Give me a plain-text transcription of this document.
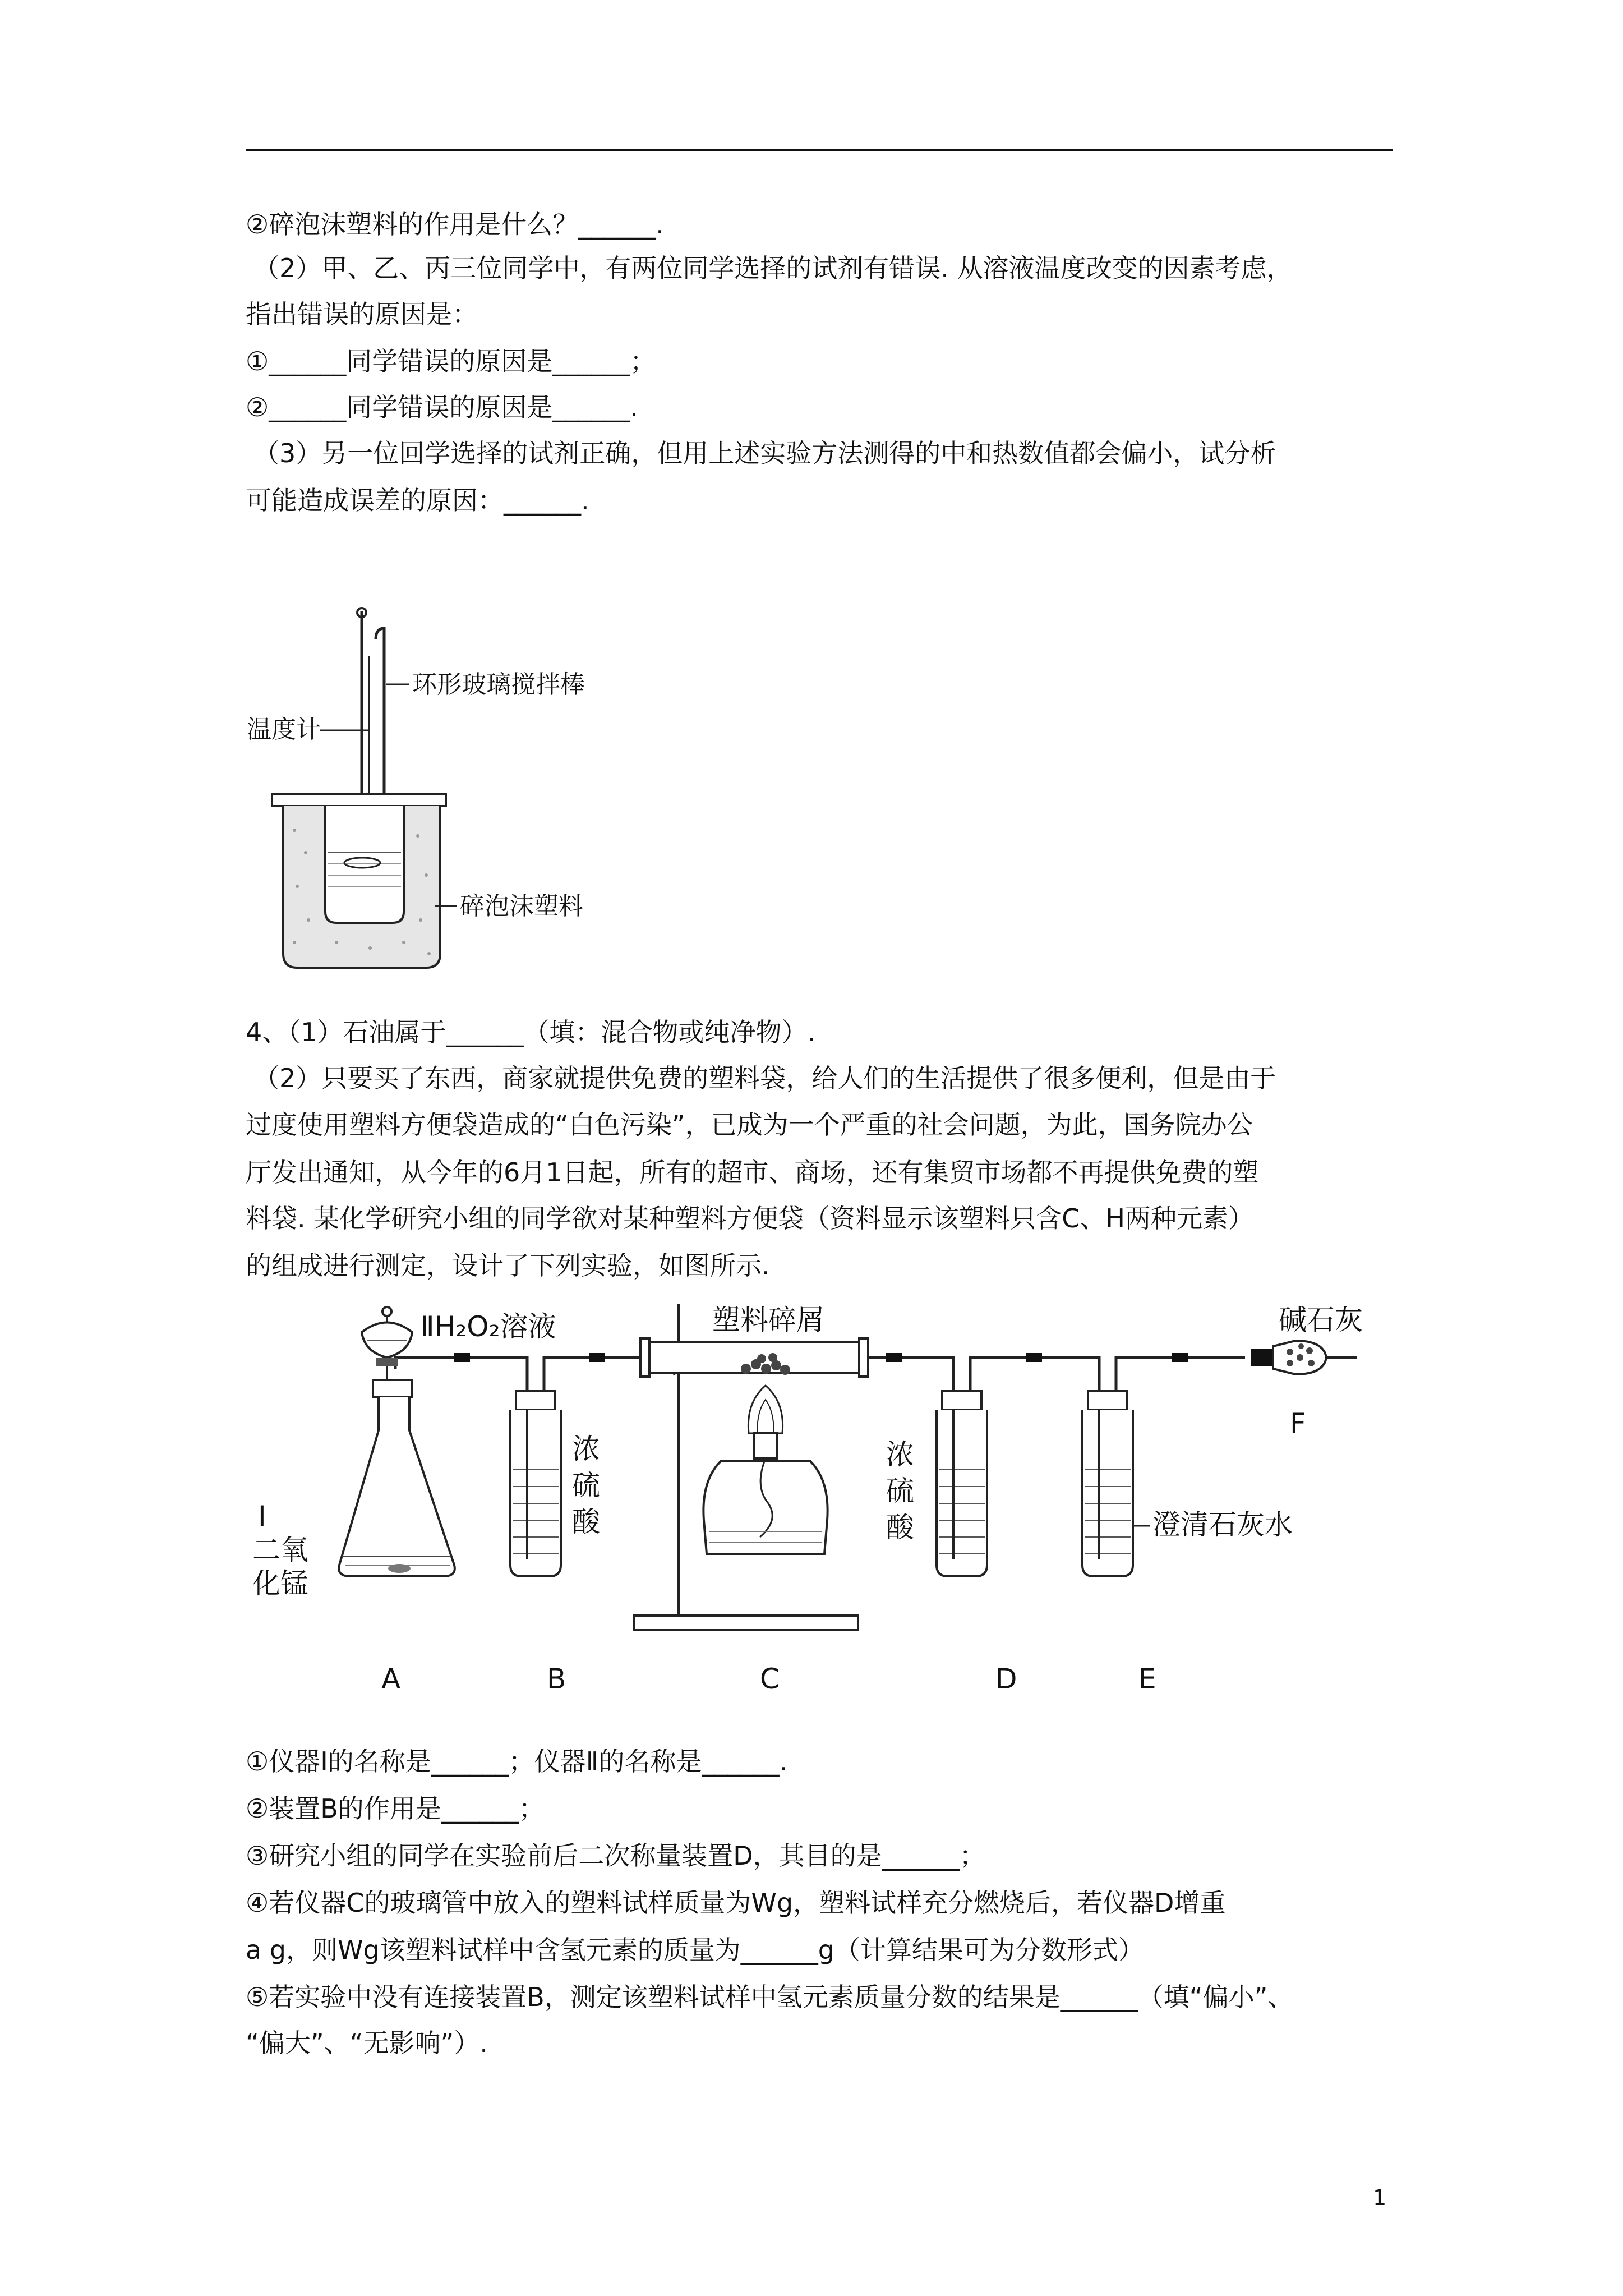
②碎泡沫塑料的作用是什么？______.
（2）甲、乙、丙三位同学中，有两位同学选择的试剂有错误. 从溶液温度改变的因素考虑，
指出错误的原因是：
①______同学错误的原因是______；
②______同学错误的原因是______.
（3）另一位回学选择的试剂正确，但用上述实验方法测得的中和热数值都会偏小，试分析
可能造成误差的原因：______.
环形玻璃搅拌棒
温度计
碎泡沫塑料
4、（1）石油属于______（填：混合物或纯净物）.
（2）只要买了东西，商家就提供免费的塑料袋，给人们的生活提供了很多便利，但是由于
过度使用塑料方便袋造成的“白色污染”，已成为一个严重的社会问题，为此，国务院办公
厅发出通知，从今年的6月1日起，所有的超市、商场，还有集贸市场都不再提供免费的塑
料袋. 某化学研究小组的同学欲对某种塑料方便袋（资料显示该塑料只含C、H两种元素）
的组成进行测定，设计了下列实验，如图所示.
ⅡH₂O₂溶液
Ⅰ
二氧
化锰
浓
硫
酸
塑料碎屑
浓
硫
酸	澄清石灰水
碱石灰
A	B	C	D	E
F
①仪器Ⅰ的名称是______；仪器Ⅱ的名称是______.
②装置B的作用是______；
③研究小组的同学在实验前后二次称量装置D，其目的是______；
④若仪器C的玻璃管中放入的塑料试样质量为Wg，塑料试样充分燃烧后，若仪器D增重
a g，则Wg该塑料试样中含氢元素的质量为______g（计算结果可为分数形式）
⑤若实验中没有连接装置B，测定该塑料试样中氢元素质量分数的结果是______（填“偏小”、
“偏大”、“无影响”）.
1
